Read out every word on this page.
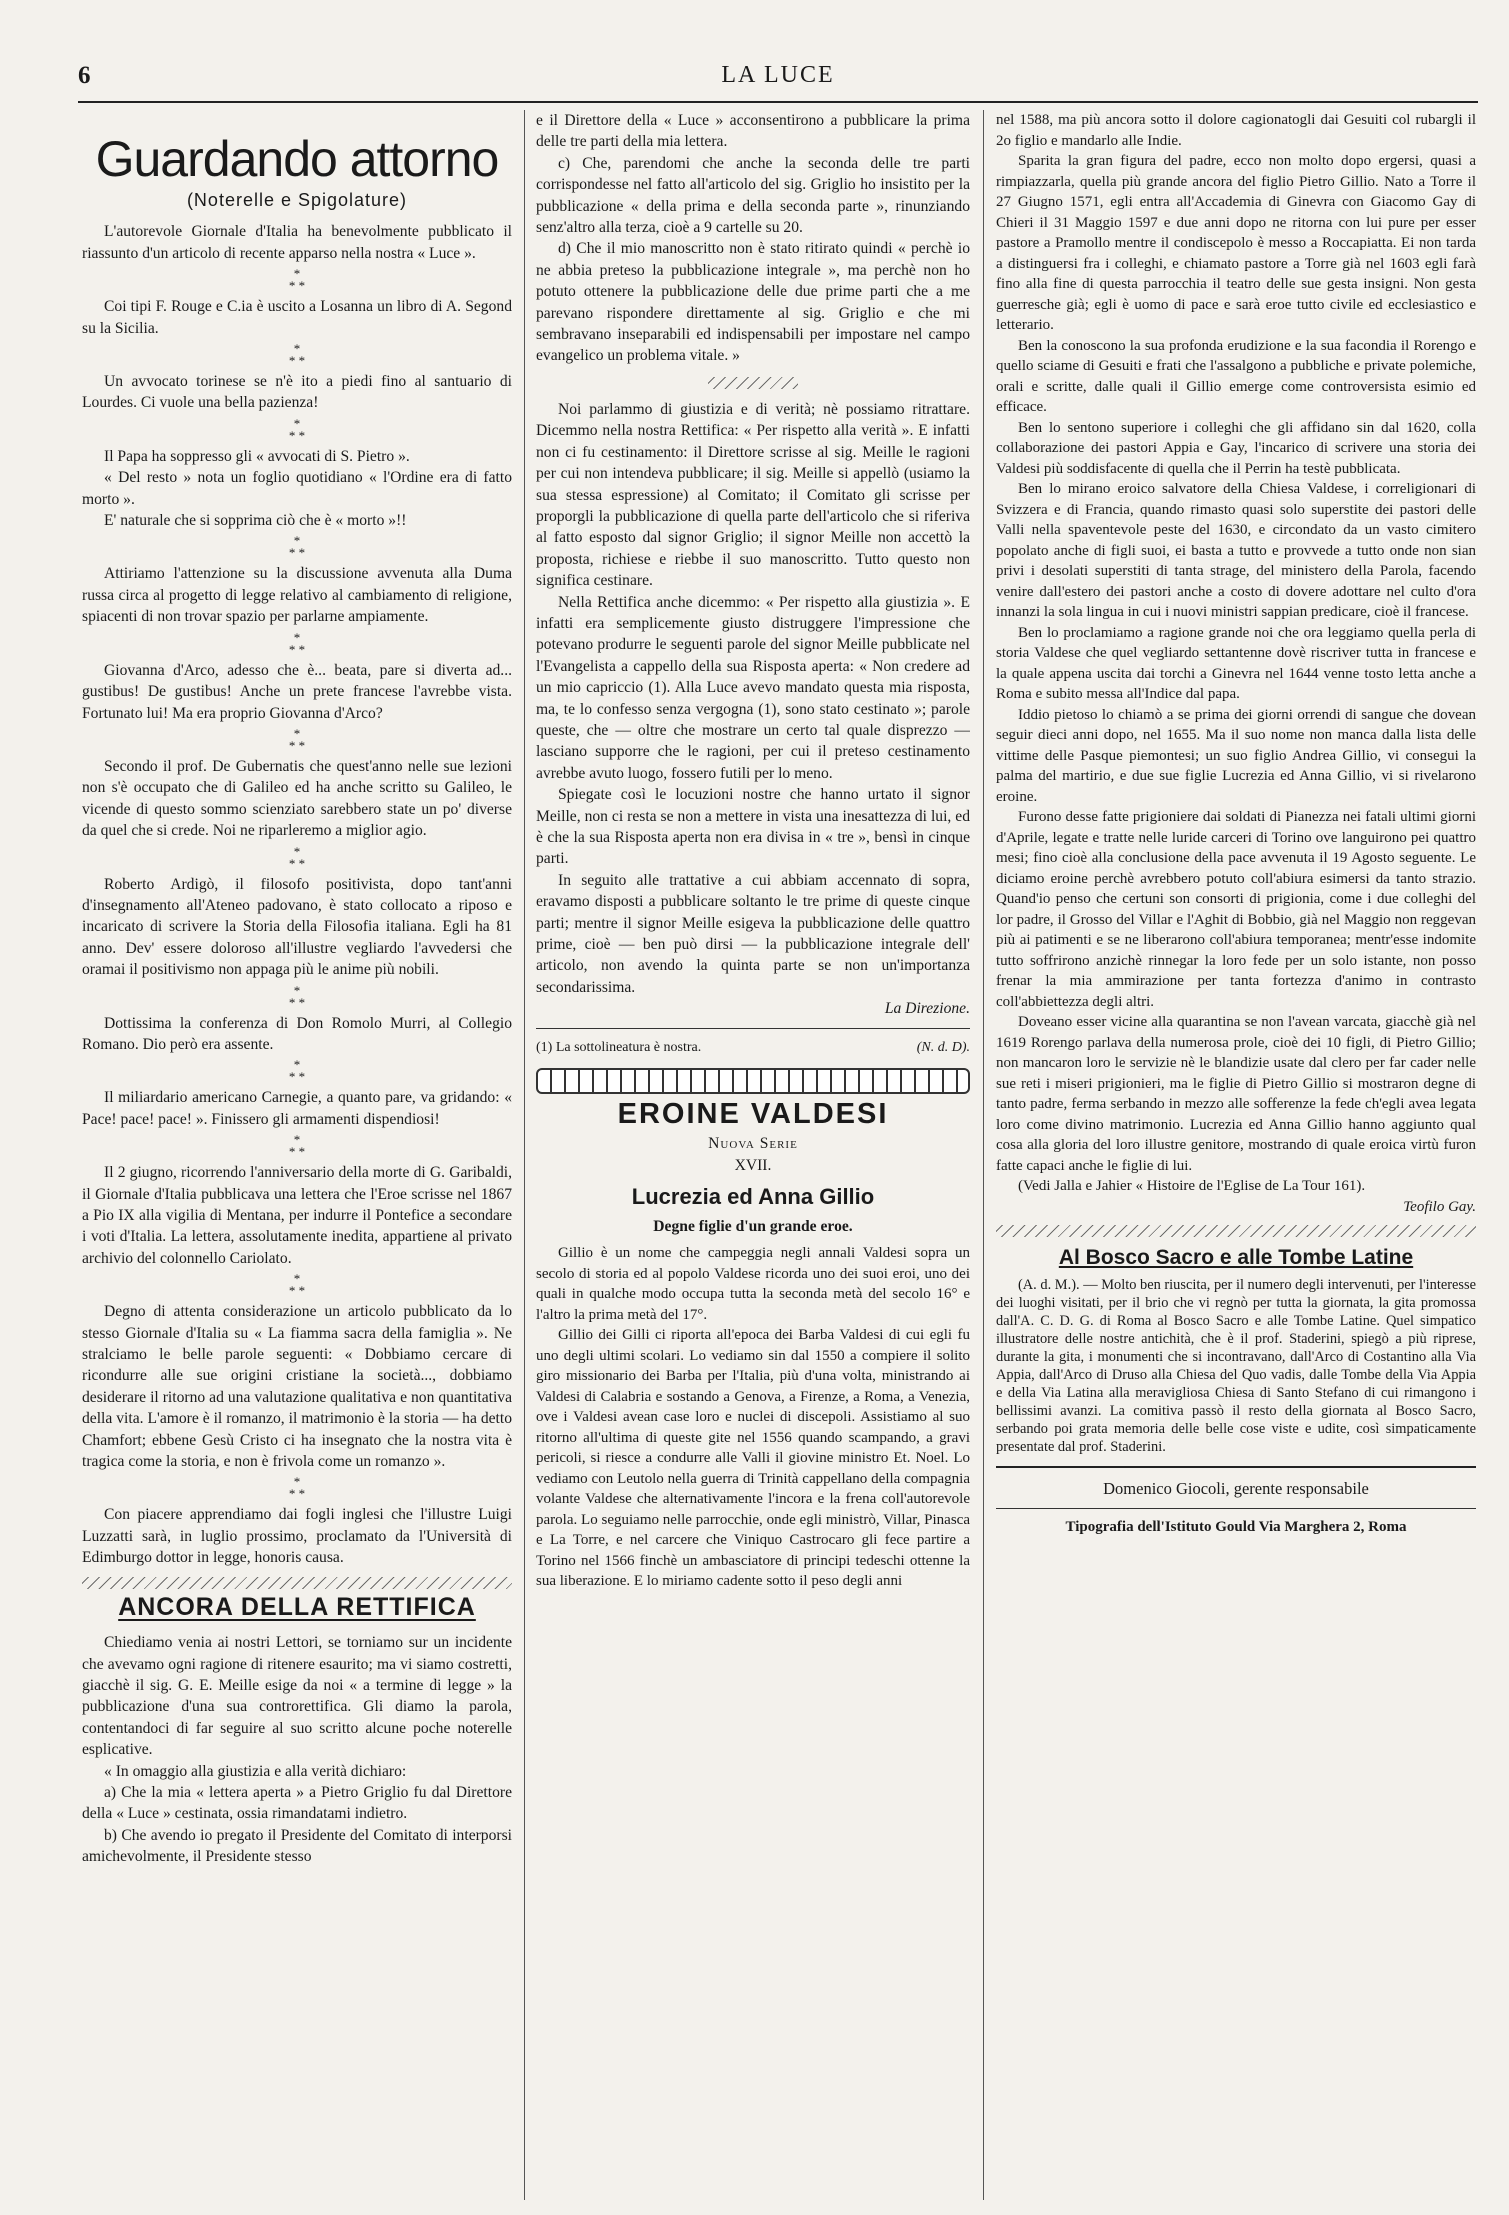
6	LA LUCE
Guardando attorno
(Noterelle e Spigolature)

L'autorevole Giornale d'Italia ha benevolmente pubblicato il riassunto d'un articolo di recente apparso nella nostra « Luce ».

*
* *

Coi tipi F. Rouge e C.ia è uscito a Losanna un libro di A. Segond su la Sicilia.

*
* *

Un avvocato torinese se n'è ito a piedi fino al santuario di Lourdes. Ci vuole una bella pazienza!

*
* *

Il Papa ha soppresso gli « avvocati di S. Pietro ».

« Del resto » nota un foglio quotidiano « l'Ordine era di fatto morto ».

E' naturale che si sopprima ciò che è « morto »!!

*
* *

Attiriamo l'attenzione su la discussione avvenuta alla Duma russa circa al progetto di legge relativo al cambiamento di religione, spiacenti di non trovar spazio per parlarne ampiamente.

*
* *

Giovanna d'Arco, adesso che è... beata, pare si diverta ad... gustibus! De gustibus! Anche un prete francese l'avrebbe vista. Fortunato lui! Ma era proprio Giovanna d'Arco?

*
* *

Secondo il prof. De Gubernatis che quest'anno nelle sue lezioni non s'è occupato che di Galileo ed ha anche scritto su Galileo, le vicende di questo sommo scienziato sarebbero state un po' diverse da quel che si crede. Noi ne riparleremo a miglior agio.

*
* *

Roberto Ardigò, il filosofo positivista, dopo tant'anni d'insegnamento all'Ateneo padovano, è stato collocato a riposo e incaricato di scrivere la Storia della Filosofia italiana. Egli ha 81 anno. Dev' essere doloroso all'illustre vegliardo l'avvedersi che oramai il positivismo non appaga più le anime più nobili.

*
* *

Dottissima la conferenza di Don Romolo Murri, al Collegio Romano. Dio però era assente.

*
* *

Il miliardario americano Carnegie, a quanto pare, va gridando: « Pace! pace! pace! ». Finissero gli armamenti dispendiosi!

*
* *

Il 2 giugno, ricorrendo l'anniversario della morte di G. Garibaldi, il Giornale d'Italia pubblicava una lettera che l'Eroe scrisse nel 1867 a Pio IX alla vigilia di Mentana, per indurre il Pontefice a secondare i voti d'Italia. La lettera, assolutamente inedita, appartiene al privato archivio del colonnello Cariolato.

*
* *

Degno di attenta considerazione un articolo pubblicato da lo stesso Giornale d'Italia su « La fiamma sacra della famiglia ». Ne stralciamo le belle parole seguenti: « Dobbiamo cercare di ricondurre alle sue origini cristiane la società..., dobbiamo desiderare il ritorno ad una valutazione qualitativa e non quantitativa della vita. L'amore è il romanzo, il matrimonio è la storia — ha detto Chamfort; ebbene Gesù Cristo ci ha insegnato che la nostra vita è tragica come la storia, e non è frivola come un romanzo ».

*
* *

Con piacere apprendiamo dai fogli inglesi che l'illustre Luigi Luzzatti sarà, in luglio prossimo, proclamato da l'Università di Edimburgo dottor in legge, honoris causa.

ANCORA DELLA RETTIFICA

Chiediamo venia ai nostri Lettori, se torniamo sur un incidente che avevamo ogni ragione di ritenere esaurito; ma vi siamo costretti, giacchè il sig. G. E. Meille esige da noi « a termine di legge » la pubblicazione d'una sua controrettifica. Gli diamo la parola, contentandoci di far seguire al suo scritto alcune poche noterelle esplicative.

« In omaggio alla giustizia e alla verità dichiaro:

a) Che la mia « lettera aperta » a Pietro Griglio fu dal Direttore della « Luce » cestinata, ossia rimandatami indietro.

b) Che avendo io pregato il Presidente del Comitato di interporsi amichevolmente, il Presidente stesso

e il Direttore della « Luce » acconsentirono a pubblicare la prima delle tre parti della mia lettera.

c) Che, parendomi che anche la seconda delle tre parti corrispondesse nel fatto all'articolo del sig. Griglio ho insistito per la pubblicazione « della prima e della seconda parte », rinunziando senz'altro alla terza, cioè a 9 cartelle su 20.

d) Che il mio manoscritto non è stato ritirato quindi « perchè io ne abbia preteso la pubblicazione integrale », ma perchè non ho potuto ottenere la pubblicazione delle due prime parti che a me parevano rispondere direttamente al sig. Griglio e che mi sembravano inseparabili ed indispensabili per impostare nel campo evangelico un problema vitale. »

Noi parlammo di giustizia e di verità; nè possiamo ritrattare. Dicemmo nella nostra Rettifica: « Per rispetto alla verità ». E infatti non ci fu cestinamento: il Direttore scrisse al sig. Meille le ragioni per cui non intendeva pubblicare; il sig. Meille si appellò (usiamo la sua stessa espressione) al Comitato; il Comitato gli scrisse per proporgli la pubblicazione di quella parte dell'articolo che si riferiva al fatto esposto dal signor Griglio; il signor Meille non accettò la proposta, richiese e riebbe il suo manoscritto. Tutto questo non significa cestinare.

Nella Rettifica anche dicemmo: « Per rispetto alla giustizia ». E infatti era semplicemente giusto distruggere l'impressione che potevano produrre le seguenti parole del signor Meille pubblicate nel l'Evangelista a cappello della sua Risposta aperta: « Non credere ad un mio capriccio (1). Alla Luce avevo mandato questa mia risposta, ma, te lo confesso senza vergogna (1), sono stato cestinato »; parole queste, che — oltre che mostrare un certo tal quale disprezzo — lasciano supporre che le ragioni, per cui il preteso cestinamento avrebbe avuto luogo, fossero futili per lo meno.

Spiegate così le locuzioni nostre che hanno urtato il signor Meille, non ci resta se non a mettere in vista una inesattezza di lui, ed è che la sua Risposta aperta non era divisa in « tre », bensì in cinque parti.

In seguito alle trattative a cui abbiam accennato di sopra, eravamo disposti a pubblicare soltanto le tre prime di queste cinque parti; mentre il signor Meille esigeva la pubblicazione delle quattro prime, cioè — ben può dirsi — la pubblicazione integrale dell' articolo, non avendo la quinta parte se non un'importanza secondarissima.

La Direzione.

(1) La sottolineatura è nostra.	(N. d. D).
EROINE VALDESI
Nuova Serie
XVII.
Lucrezia ed Anna Gillio
Degne figlie d'un grande eroe.

Gillio è un nome che campeggia negli annali Valdesi sopra un secolo di storia ed al popolo Valdese ricorda uno dei suoi eroi, uno dei quali in qualche modo occupa tutta la seconda metà del secolo 16° e l'altro la prima metà del 17°.

Gillio dei Gilli ci riporta all'epoca dei Barba Valdesi di cui egli fu uno degli ultimi scolari. Lo vediamo sin dal 1550 a compiere il solito giro missionario dei Barba per l'Italia, più d'una volta, ministrando ai Valdesi di Calabria e sostando a Genova, a Firenze, a Roma, a Venezia, ove i Valdesi avean case loro e nuclei di discepoli. Assistiamo al suo ritorno all'ultima di queste gite nel 1556 quando scampando, a gravi pericoli, si riesce a condurre alle Valli il giovine ministro Et. Noel. Lo vediamo con Leutolo nella guerra di Trinità cappellano della compagnia volante Valdese che alternativamente l'incora e la frena coll'autorevole parola. Lo seguiamo nelle parrocchie, onde egli ministrò, Villar, Pinasca e La Torre, e nel carcere che Viniquo Castrocaro gli fece partire a Torino nel 1566 finchè un ambasciatore di principi tedeschi ottenne la sua liberazione. E lo miriamo cadente sotto il peso degli anni

nel 1588, ma più ancora sotto il dolore cagionatogli dai Gesuiti col rubargli il 2o figlio e mandarlo alle Indie.

Sparita la gran figura del padre, ecco non molto dopo ergersi, quasi a rimpiazzarla, quella più grande ancora del figlio Pietro Gillio. Nato a Torre il 27 Giugno 1571, egli entra all'Accademia di Ginevra con Giacomo Gay di Chieri il 31 Maggio 1597 e due anni dopo ne ritorna con lui pure per esser pastore a Pramollo mentre il condiscepolo è messo a Roccapiatta. Ei non tarda a distinguersi fra i colleghi, e chiamato pastore a Torre già nel 1603 egli farà fino alla fine di questa parrocchia il teatro delle sue gesta insigni. Non gesta guerresche già; egli è uomo di pace e sarà eroe tutto civile ed ecclesiastico e letterario.

Ben la conoscono la sua profonda erudizione e la sua facondia il Rorengo e quello sciame di Gesuiti e frati che l'assalgono a pubbliche e private polemiche, orali e scritte, dalle quali il Gillio emerge come controversista esimio ed efficace.

Ben lo sentono superiore i colleghi che gli affidano sin dal 1620, colla collaborazione dei pastori Appia e Gay, l'incarico di scrivere una storia dei Valdesi più soddisfacente di quella che il Perrin ha testè pubblicata.

Ben lo mirano eroico salvatore della Chiesa Valdese, i correligionari di Svizzera e di Francia, quando rimasto quasi solo superstite dei pastori delle Valli nella spaventevole peste del 1630, e circondato da un vasto cimitero popolato anche di figli suoi, ei basta a tutto e provvede a tutto onde non sian privi i desolati superstiti di tanta strage, del ministero della Parola, facendo venire dall'estero dei pastori anche a costo di dovere adottare nel culto d'ora innanzi la sola lingua in cui i nuovi ministri sappian predicare, cioè il francese.

Ben lo proclamiamo a ragione grande noi che ora leggiamo quella perla di storia Valdese che quel vegliardo settantenne dovè riscriver tutta in francese e la quale appena uscita dai torchi a Ginevra nel 1644 venne tosto letta anche a Roma e subito messa all'Indice dal papa.

Iddio pietoso lo chiamò a se prima dei giorni orrendi di sangue che dovean seguir dieci anni dopo, nel 1655. Ma il suo nome non manca dalla lista delle vittime delle Pasque piemontesi; un suo figlio Andrea Gillio, vi consegui la palma del martirio, e due sue figlie Lucrezia ed Anna Gillio, vi si rivelarono eroine.

Furono desse fatte prigioniere dai soldati di Pianezza nei fatali ultimi giorni d'Aprile, legate e tratte nelle luride carceri di Torino ove languirono pei quattro mesi; fino cioè alla conclusione della pace avvenuta il 19 Agosto seguente. Le diciamo eroine perchè avrebbero potuto coll'abiura esimersi da tanto strazio. Quand'io penso che certuni son consorti di prigionia, come i due colleghi del lor padre, il Grosso del Villar e l'Aghit di Bobbio, già nel Maggio non reggevan più ai patimenti e se ne liberarono coll'abiura temporanea; mentr'esse indomite tutto soffrirono anzichè rinnegar la loro fede per un solo istante, non posso frenar la mia ammirazione per tanta fortezza d'animo in contrasto coll'abbiettezza degli altri.

Doveano esser vicine alla quarantina se non l'avean varcata, giacchè già nel 1619 Rorengo parlava della numerosa prole, cioè dei 10 figli, di Pietro Gillio; non mancaron loro le servizie nè le blandizie usate dal clero per far cader nelle sue reti i miseri prigionieri, ma le figlie di Pietro Gillio si mostraron degne di tanto padre, ferma serbando in mezzo alle sofferenze la fede ch'egli avea legata loro come divino matrimonio. Lucrezia ed Anna Gillio hanno aggiunto qual cosa alla gloria del loro illustre genitore, mostrando di quale eroica virtù furon fatte capaci anche le figlie di lui.

(Vedi Jalla e Jahier « Histoire de l'Eglise de La Tour 161).

Teofilo Gay.

Al Bosco Sacro e alle Tombe Latine

(A. d. M.). — Molto ben riuscita, per il numero degli intervenuti, per l'interesse dei luoghi visitati, per il brio che vi regnò per tutta la giornata, la gita promossa dall'A. C. D. G. di Roma al Bosco Sacro e alle Tombe Latine. Quel simpatico illustratore delle nostre antichità, che è il prof. Staderini, spiegò a più riprese, durante la gita, i monumenti che si incontravano, dall'Arco di Costantino alla Via Appia, dall'Arco di Druso alla Chiesa del Quo vadis, dalle Tombe della Via Appia e della Via Latina alla meravigliosa Chiesa di Santo Stefano di cui rimangono i bellissimi avanzi. La comitiva passò il resto della giornata al Bosco Sacro, serbando poi grata memoria delle belle cose viste e udite, così simpaticamente presentate dal prof. Staderini.

Domenico Giocoli, gerente responsabile
Tipografia dell'Istituto Gould Via Marghera 2, Roma
